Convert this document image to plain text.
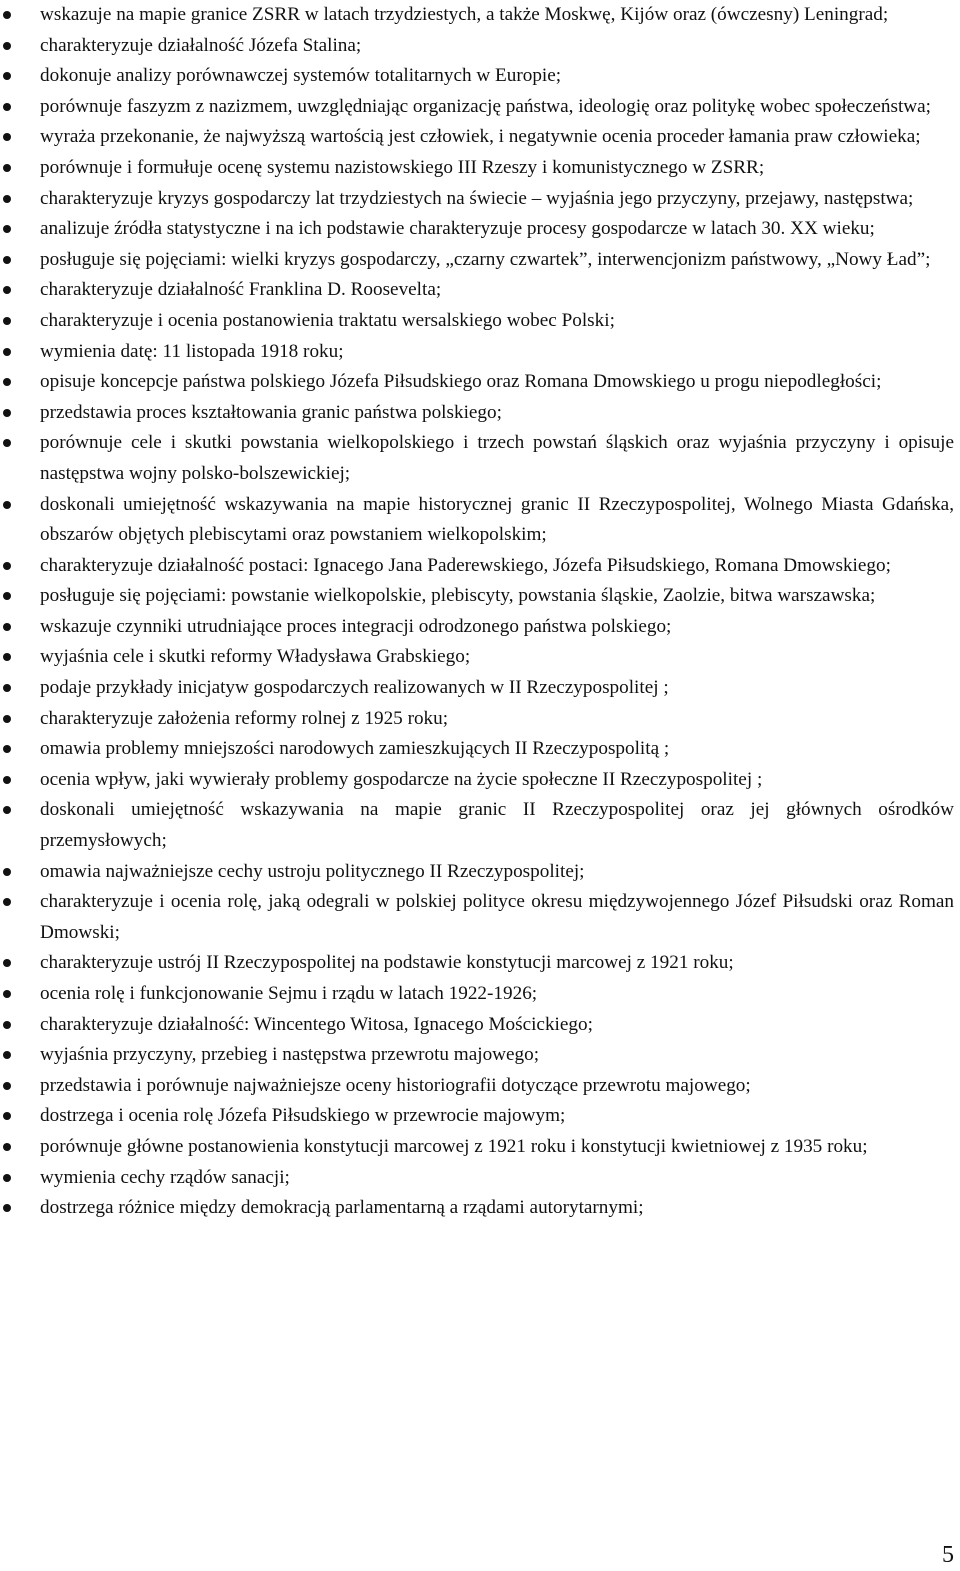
wskazuje na mapie granice ZSRR w latach trzydziestych, a także Moskwę, Kijów oraz (ówczesny) Leningrad;
charakteryzuje działalność Józefa Stalina;
dokonuje analizy porównawczej systemów totalitarnych w Europie;
porównuje faszyzm z nazizmem, uwzględniając organizację państwa, ideologię oraz politykę wobec społeczeństwa;
wyraża przekonanie, że najwyższą wartością jest człowiek, i negatywnie ocenia proceder łamania praw człowieka;
porównuje i formułuje ocenę systemu nazistowskiego III Rzeszy i komunistycznego w ZSRR;
charakteryzuje kryzys gospodarczy lat trzydziestych na świecie – wyjaśnia jego przyczyny, przejawy, następstwa;
analizuje źródła statystyczne i na ich podstawie charakteryzuje procesy gospodarcze w latach 30. XX wieku;
posługuje się pojęciami: wielki kryzys gospodarczy, „czarny czwartek”, interwencjonizm państwowy, „Nowy Ład”;
charakteryzuje działalność Franklina D. Roosevelta;
charakteryzuje i ocenia postanowienia traktatu wersalskiego wobec Polski;
wymienia datę: 11 listopada 1918 roku;
opisuje koncepcje państwa polskiego Józefa Piłsudskiego oraz Romana Dmowskiego u progu niepodległości;
przedstawia proces kształtowania granic państwa polskiego;
porównuje cele i skutki powstania wielkopolskiego i trzech powstań śląskich oraz wyjaśnia przyczyny i opisuje następstwa wojny polsko-bolszewickiej;
doskonali umiejętność wskazywania na mapie historycznej granic II Rzeczypospolitej, Wolnego Miasta Gdańska, obszarów objętych plebiscytami oraz powstaniem wielkopolskim;
charakteryzuje działalność postaci: Ignacego Jana Paderewskiego, Józefa Piłsudskiego, Romana Dmowskiego;
posługuje się pojęciami: powstanie wielkopolskie, plebiscyty, powstania śląskie, Zaolzie, bitwa warszawska;
wskazuje czynniki utrudniające proces integracji odrodzonego państwa polskiego;
wyjaśnia cele i skutki reformy Władysława Grabskiego;
podaje przykłady inicjatyw gospodarczych realizowanych w II Rzeczypospolitej ;
charakteryzuje założenia reformy rolnej z 1925 roku;
omawia problemy mniejszości narodowych zamieszkujących II Rzeczypospolitą ;
ocenia wpływ, jaki wywierały problemy gospodarcze na życie społeczne II Rzeczypospolitej ;
doskonali umiejętność wskazywania na mapie granic II Rzeczypospolitej oraz jej głównych ośrodków przemysłowych;
omawia najważniejsze cechy ustroju politycznego II Rzeczypospolitej;
charakteryzuje i ocenia rolę, jaką odegrali w polskiej polityce okresu międzywojennego Józef Piłsudski oraz Roman Dmowski;
charakteryzuje ustrój II Rzeczypospolitej na podstawie konstytucji marcowej z 1921 roku;
ocenia rolę i funkcjonowanie Sejmu i rządu w latach 1922-1926;
charakteryzuje działalność: Wincentego Witosa, Ignacego Mościckiego;
wyjaśnia przyczyny, przebieg i następstwa przewrotu majowego;
przedstawia i porównuje najważniejsze oceny historiografii dotyczące przewrotu majowego;
dostrzega i ocenia rolę Józefa Piłsudskiego w przewrocie majowym;
porównuje główne postanowienia konstytucji marcowej z 1921 roku i konstytucji kwietniowej z 1935 roku;
wymienia cechy rządów sanacji;
dostrzega różnice między demokracją parlamentarną a rządami autorytarnymi;
5
